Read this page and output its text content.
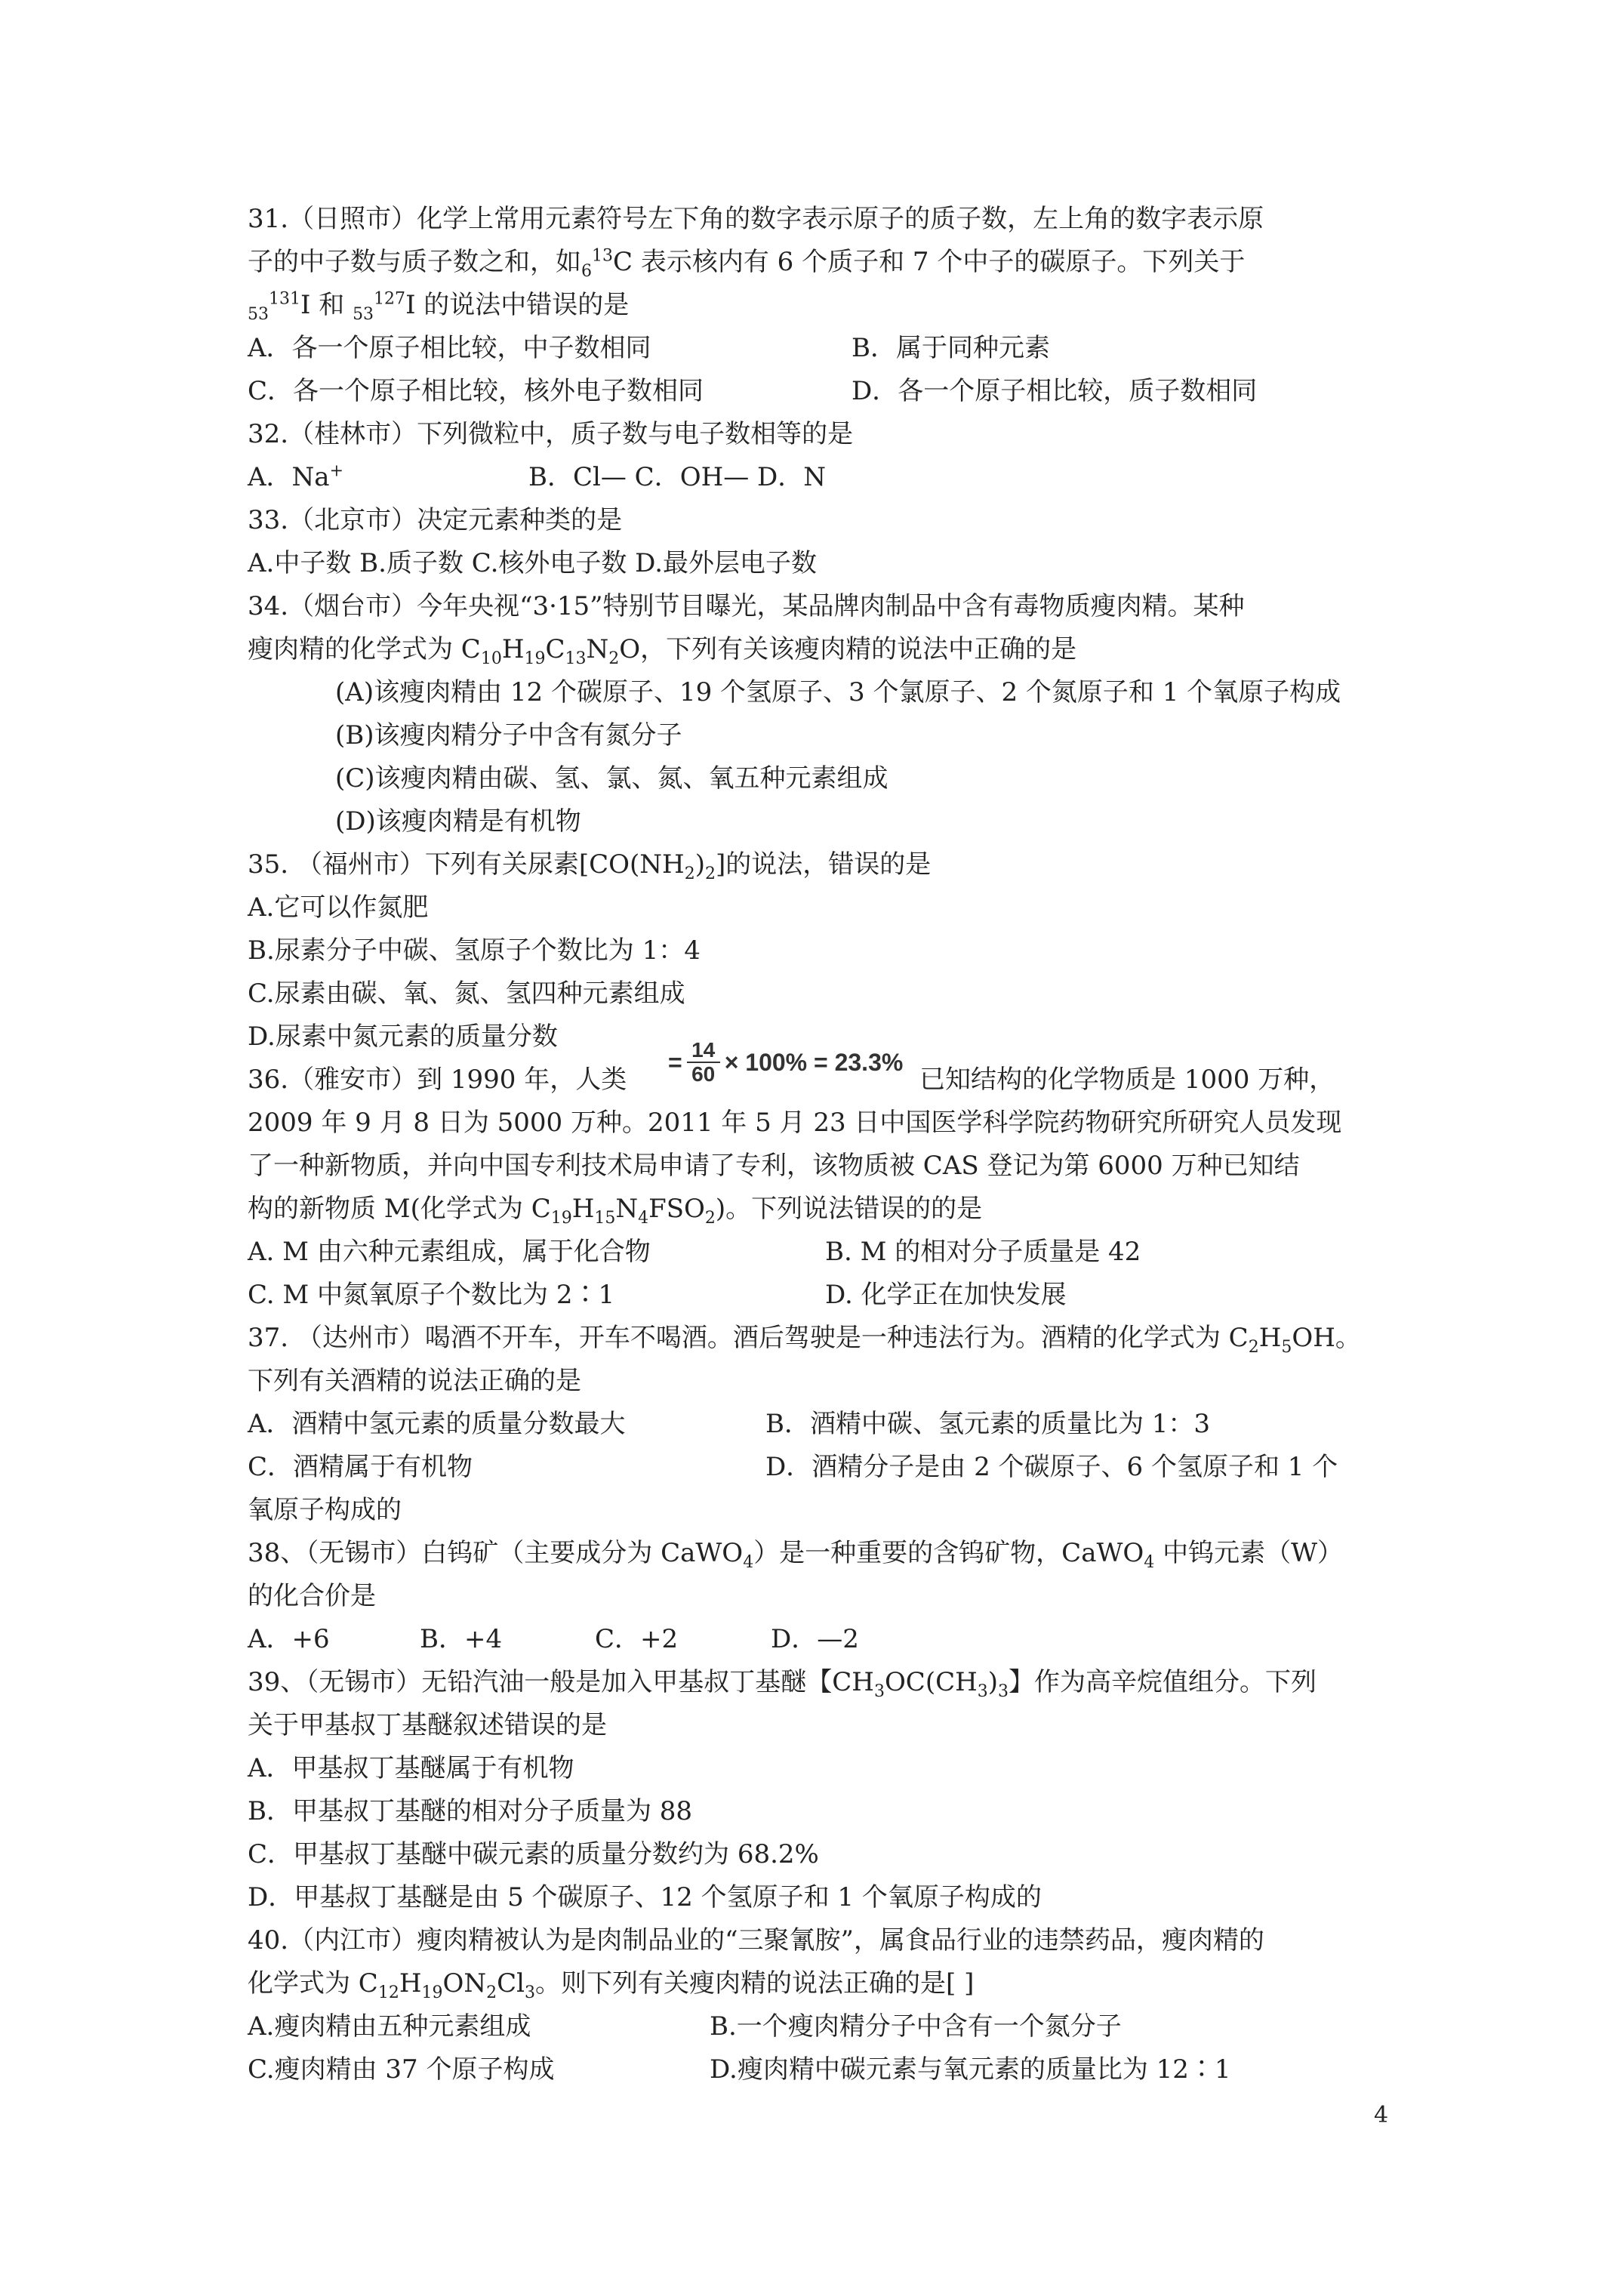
31.（日照市）化学上常用元素符号左下角的数字表示原子的质子数，左上角的数字表示原
子的中子数与质子数之和，如$_6^{13}$C 表示核内有 6 个质子和 7 个中子的碳原子。下列关于
$_{53}^{131}$I 和 $_{53}^{127}$I 的说法中错误的是
A．各一个原子相比较，中子数相同	B．属于同种元素
C．各一个原子相比较，核外电子数相同	D．各一个原子相比较，质子数相同
32.（桂林市）下列微粒中，质子数与电子数相等的是
A．Na+	B．Cl— C．OH— D．N
33.（北京市）决定元素种类的是
A.中子数 B.质子数 C.核外电子数 D.最外层电子数
34.（烟台市）今年央视“3·15”特别节目曝光，某品牌肉制品中含有毒物质瘦肉精。某种
瘦肉精的化学式为 $C_{10}H_{19}C_{13}N_2O$，下列有关该瘦肉精的说法中正确的是
(A)该瘦肉精由 12 个碳原子、19 个氢原子、3 个氯原子、2 个氮原子和 1 个氧原子构成
(B)该瘦肉精分子中含有氮分子
(C)该瘦肉精由碳、氢、氯、氮、氧五种元素组成
(D)该瘦肉精是有机物
35. （福州市）下列有关尿素$[CO(NH_2)_2]$的说法，错误的是
A.它可以作氮肥
B.尿素分子中碳、氢原子个数比为 1：4
C.尿素由碳、氧、氮、氢四种元素组成
D.尿素中氮元素的质量分数
= $\frac{14}{60} \times 100\% = 23.3\%$
36.（雅安市）到 1990 年，人类	已知结构的化学物质是 1000 万种，
2009 年 9 月 8 日为 5000 万种。2011 年 5 月 23 日中国医学科学院药物研究所研究人员发现
了一种新物质，并向中国专利技术局申请了专利，该物质被 CAS 登记为第 6000 万种已知结
构的新物质 M(化学式为 $C_{19}H_{15}N_4FSO_2$)。下列说法错误的的是
A. M 由六种元素组成，属于化合物	B. M 的相对分子质量是 42
C. M 中氮氧原子个数比为 2∶1	D. 化学正在加快发展
37. （达州市）喝酒不开车，开车不喝酒。酒后驾驶是一种违法行为。酒精的化学式为 $C_2H_5OH$。
下列有关酒精的说法正确的是
A．酒精中氢元素的质量分数最大	B．酒精中碳、氢元素的质量比为 1：3
C．酒精属于有机物	D．酒精分子是由 2 个碳原子、6 个氢原子和 1 个
氧原子构成的
38、（无锡市）白钨矿（主要成分为 CaWO$_4$）是一种重要的含钨矿物，CaWO$_4$ 中钨元素（W）
的化合价是
A．+6	B．+4	C．+2	D．—2
39、（无锡市）无铅汽油一般是加入甲基叔丁基醚【$CH_3OC(CH_3)_3$】作为高辛烷值组分。下列
关于甲基叔丁基醚叙述错误的是
A．甲基叔丁基醚属于有机物
B．甲基叔丁基醚的相对分子质量为 88
C．甲基叔丁基醚中碳元素的质量分数约为 68.2%
D．甲基叔丁基醚是由 5 个碳原子、12 个氢原子和 1 个氧原子构成的
40.（内江市）瘦肉精被认为是肉制品业的“三聚氰胺”，属食品行业的违禁药品，瘦肉精的
化学式为 $C_{12}H_{19}ON_2Cl_3$。则下列有关瘦肉精的说法正确的是[ ]
A.瘦肉精由五种元素组成	B.一个瘦肉精分子中含有一个氮分子
C.瘦肉精由 37 个原子构成	D.瘦肉精中碳元素与氧元素的质量比为 12∶1
4
